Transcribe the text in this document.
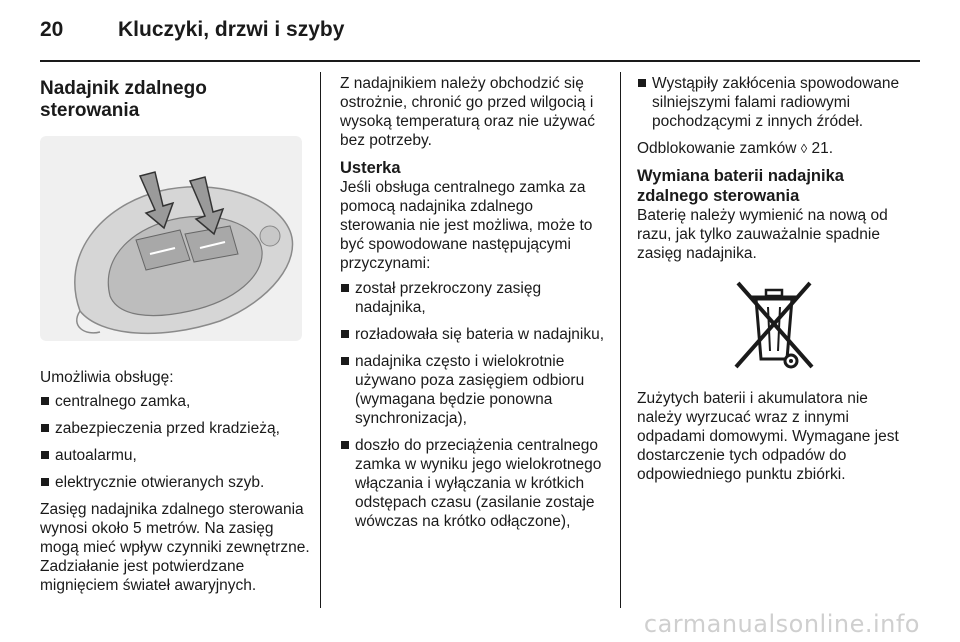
20	Kluczyki, drzwi i szyby
Nadajnik zdalnego sterowania

Umożliwia obsługę:

centralnego zamka,
zabezpieczenia przed kradzieżą,
autoalarmu,
elektrycznie otwieranych szyb.

Zasięg nadajnika zdalnego sterowania wynosi około 5 metrów. Na zasięg mogą mieć wpływ czynniki zewnętrzne. Zadziałanie jest potwierdzane mignięciem świateł awaryjnych.

Z nadajnikiem należy obchodzić się ostrożnie, chronić go przed wilgocią i wysoką temperaturą oraz nie używać bez potrzeby.

Usterka

Jeśli obsługa centralnego zamka za pomocą nadajnika zdalnego sterowania nie jest możliwa, może to być spowodowane następującymi przyczynami:

został przekroczony zasięg nadajnika,
rozładowała się bateria w nadajniku,
nadajnika często i wielokrotnie używano poza zasięgiem odbioru (wymagana będzie ponowna synchronizacja),
doszło do przeciążenia centralnego zamka w wyniku jego wielokrotnego włączania i wyłączania w krótkich odstępach czasu (zasilanie zostaje wówczas na krótko odłączone),
Wystąpiły zakłócenia spowodowane silniejszymi falami radiowymi pochodzącymi z innych źródeł.

Odblokowanie zamków ◊ 21.

Wymiana baterii nadajnika zdalnego sterowania

Baterię należy wymienić na nową od razu, jak tylko zauważalnie spadnie zasięg nadajnika.

Zużytych baterii i akumulatora nie należy wyrzucać wraz z innymi odpadami domowymi. Wymagane jest dostarczenie tych odpadów do odpowiedniego punktu zbiórki.

carmanualsonline.info
